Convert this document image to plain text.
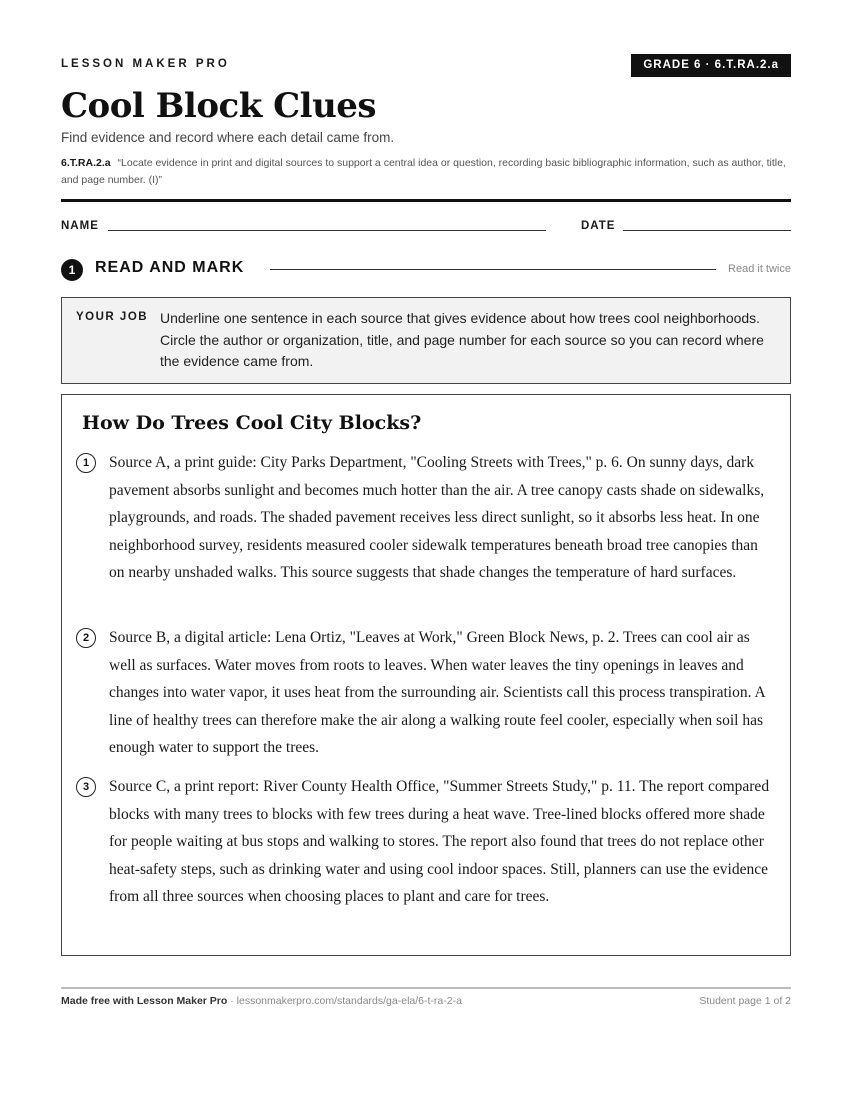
LESSON MAKER PRO	GRADE 6 · 6.T.RA.2.a
Cool Block Clues
Find evidence and record where each detail came from.
6.T.RA.2.a “Locate evidence in print and digital sources to support a central idea or question, recording basic bibliographic information, such as author, title, and page number. (I)”
NAME	DATE
1	READ AND MARK	Read it twice
YOUR JOB Underline one sentence in each source that gives evidence about how trees cool neighborhoods. Circle the author or organization, title, and page number for each source so you can record where the evidence came from.
How Do Trees Cool City Blocks?
1	Source A, a print guide: City Parks Department, "Cooling Streets with Trees," p. 6. On sunny days, dark pavement absorbs sunlight and becomes much hotter than the air. A tree canopy casts shade on sidewalks, playgrounds, and roads. The shaded pavement receives less direct sunlight, so it absorbs less heat. In one neighborhood survey, residents measured cooler sidewalk temperatures beneath broad tree canopies than on nearby unshaded walks. This source suggests that shade changes the temperature of hard surfaces.
2	Source B, a digital article: Lena Ortiz, "Leaves at Work," Green Block News, p. 2. Trees can cool air as well as surfaces. Water moves from roots to leaves. When water leaves the tiny openings in leaves and changes into water vapor, it uses heat from the surrounding air. Scientists call this process transpiration. A line of healthy trees can therefore make the air along a walking route feel cooler, especially when soil has enough water to support the trees.
3	Source C, a print report: River County Health Office, "Summer Streets Study," p. 11. The report compared blocks with many trees to blocks with few trees during a heat wave. Tree-lined blocks offered more shade for people waiting at bus stops and walking to stores. The report also found that trees do not replace other heat-safety steps, such as drinking water and using cool indoor spaces. Still, planners can use the evidence from all three sources when choosing places to plant and care for trees.
Made free with Lesson Maker Pro · lessonmakerpro.com/standards/ga-ela/6-t-ra-2-a	Student page 1 of 2
